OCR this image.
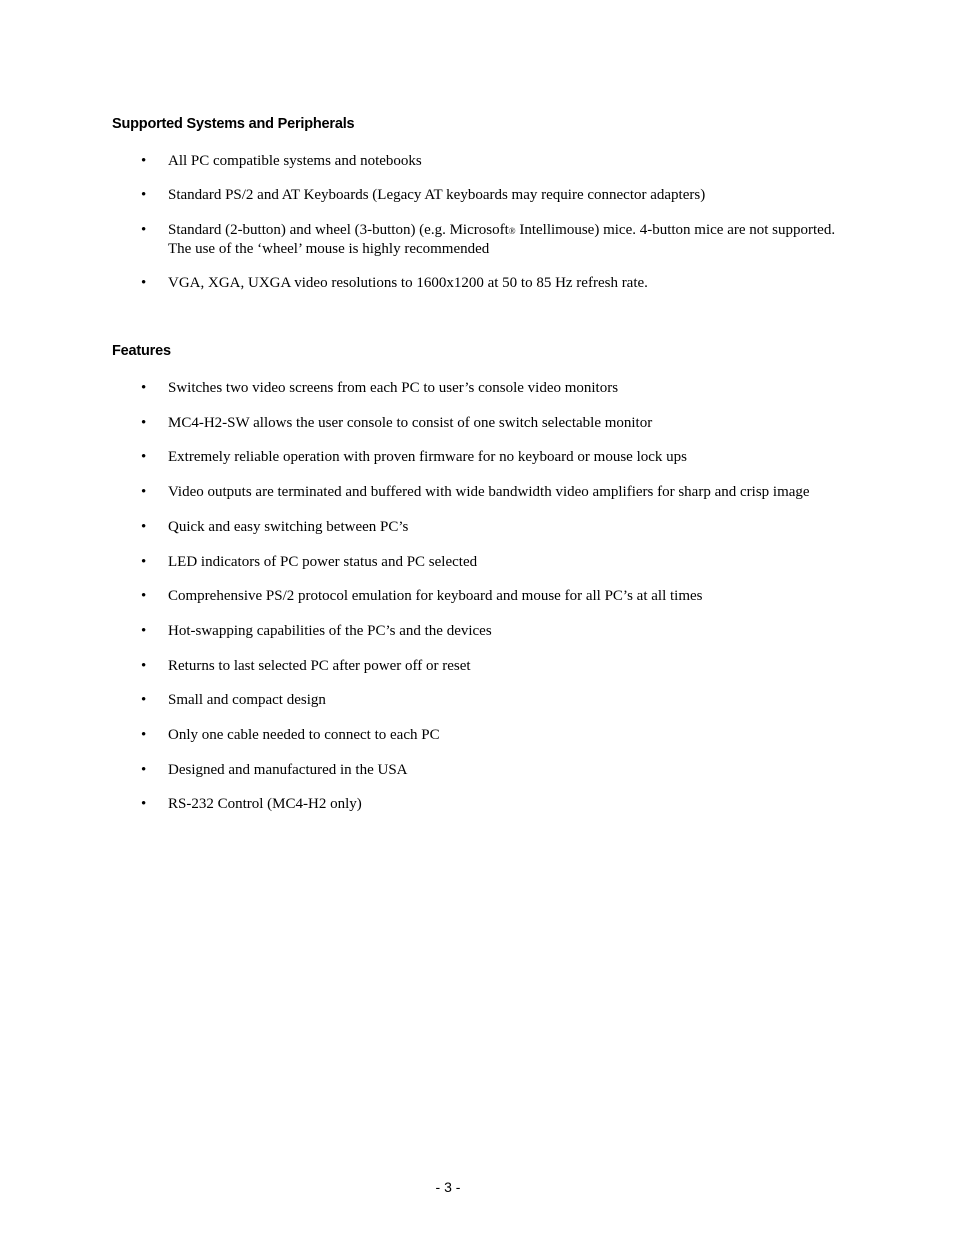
Supported Systems and Peripherals
• All PC compatible systems and notebooks
• Standard PS/2 and AT Keyboards (Legacy AT keyboards may require connector adapters)
• Standard (2-button) and wheel (3-button) (e.g. Microsoft® Intellimouse) mice. 4-button mice are not supported.
The use of the ‘wheel’ mouse is highly recommended
• VGA, XGA, UXGA video resolutions to 1600x1200 at 50 to 85 Hz refresh rate.
Features
• Switches two video screens from each PC to user’s console video monitors
• MC4-H2-SW allows the user console to consist of one switch selectable monitor
• Extremely reliable operation with proven firmware for no keyboard or mouse lock ups
• Video outputs are terminated and buffered with wide bandwidth video amplifiers for sharp and crisp image
• Quick and easy switching between PC’s
• LED indicators of PC power status and PC selected
• Comprehensive PS/2 protocol emulation for keyboard and mouse for all PC’s at all times
• Hot-swapping capabilities of the PC’s and the devices
• Returns to last selected PC after power off or reset
• Small and compact design
• Only one cable needed to connect to each PC
• Designed and manufactured in the USA
• RS-232 Control (MC4-H2 only)
- 3 -
